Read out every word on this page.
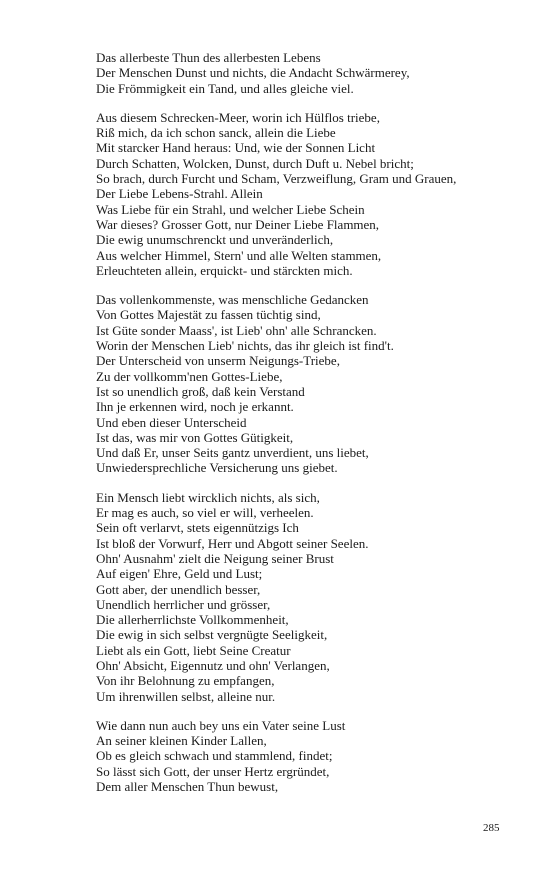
Das allerbeste Thun des allerbesten Lebens
Der Menschen Dunst und nichts, die Andacht Schwärmerey,
Die Frömmigkeit ein Tand, und alles gleiche viel.
Aus diesem Schrecken-Meer, worin ich Hülflos triebe,
Riß mich, da ich schon sanck, allein die Liebe
Mit starcker Hand heraus: Und, wie der Sonnen Licht
Durch Schatten, Wolcken, Dunst, durch Duft u. Nebel bricht;
So brach, durch Furcht und Scham, Verzweiflung, Gram und Grauen,
Der Liebe Lebens-Strahl. Allein
Was Liebe für ein Strahl, und welcher Liebe Schein
War dieses? Grosser Gott, nur Deiner Liebe Flammen,
Die ewig unumschrenckt und unveränderlich,
Aus welcher Himmel, Stern' und alle Welten stammen,
Erleuchteten allein, erquickt- und stärckten mich.
Das vollenkommenste, was menschliche Gedancken
Von Gottes Majestät zu fassen tüchtig sind,
Ist Güte sonder Maass', ist Lieb' ohn' alle Schrancken.
Worin der Menschen Lieb' nichts, das ihr gleich ist find't.
Der Unterscheid von unserm Neigungs-Triebe,
Zu der vollkomm'nen Gottes-Liebe,
Ist so unendlich groß, daß kein Verstand
Ihn je erkennen wird, noch je erkannt.
Und eben dieser Unterscheid
Ist das, was mir von Gottes Gütigkeit,
Und daß Er, unser Seits gantz unverdient, uns liebet,
Unwiedersprechliche Versicherung uns giebet.
Ein Mensch liebt wircklich nichts, als sich,
Er mag es auch, so viel er will, verheelen.
Sein oft verlarvt, stets eigennützigs Ich
Ist bloß der Vorwurf, Herr und Abgott seiner Seelen.
Ohn' Ausnahm' zielt die Neigung seiner Brust
Auf eigen' Ehre, Geld und Lust;
Gott aber, der unendlich besser,
Unendlich herrlicher und grösser,
Die allerherrlichste Vollkommenheit,
Die ewig in sich selbst vergnügte Seeligkeit,
Liebt als ein Gott, liebt Seine Creatur
Ohn' Absicht, Eigennutz und ohn' Verlangen,
Von ihr Belohnung zu empfangen,
Um ihrenwillen selbst, alleine nur.
Wie dann nun auch bey uns ein Vater seine Lust
An seiner kleinen Kinder Lallen,
Ob es gleich schwach und stammlend, findet;
So lässt sich Gott, der unser Hertz ergründet,
Dem aller Menschen Thun bewust,
285
